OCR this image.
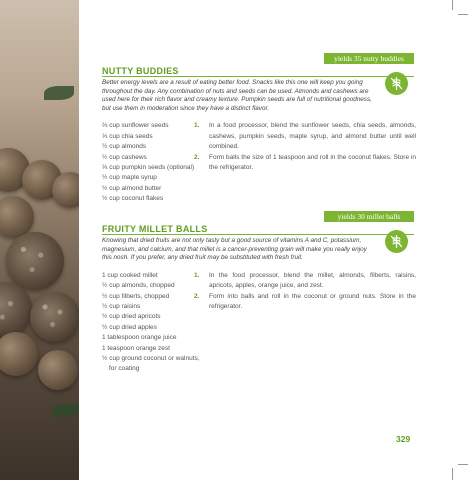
yields 35 nutty buddies
NUTTY BUDDIES

Better energy levels are a result of eating better food. Snacks like this one will keep you going throughout the day. Any combination of nuts and seeds can be used. Almonds and cashews are used here for their rich flavor and creamy texture. Pumpkin seeds are full of nutritional goodness, but use them in moderation since they have a distinct flavor.

⅔ cup sunflower seeds
⅓ cup chia seeds
½ cup almonds
½ cup cashews
⅓ cup pumpkin seeds (optional)
½ cup maple syrup
½ cup almond butter
½ cup coconut flakes
1. In a food processor, blend the sunflower seeds, chia seeds, almonds, cashews, pumpkin seeds, maple syrup, and almond butter until well combined.
2. Form balls the size of 1 teaspoon and roll in the coconut flakes. Store in the refrigerator.
yields 30 millet balls
FRUITY MILLET BALLS

Knowing that dried fruits are not only tasty but a good source of vitamins A and C, potassium, magnesium, and calcium, and that millet is a cancer-preventing grain will make you really enjoy this nosh. If you prefer, any dried fruit may be substituted with fresh fruit.

1 cup cooked millet
½ cup almonds, chopped
½ cup filberts, chopped
½ cup raisins
½ cup dried apricots
½ cup dried apples
1 tablespoon orange juice
1 teaspoon orange zest
½ cup ground coconut or walnuts, for coating
1. In the food processor, blend the millet, almonds, filberts, raisins, apricots, apples, orange juice, and zest.
2. Form into balls and roll in the coconut or ground nuts. Store in the refrigerator.
329
